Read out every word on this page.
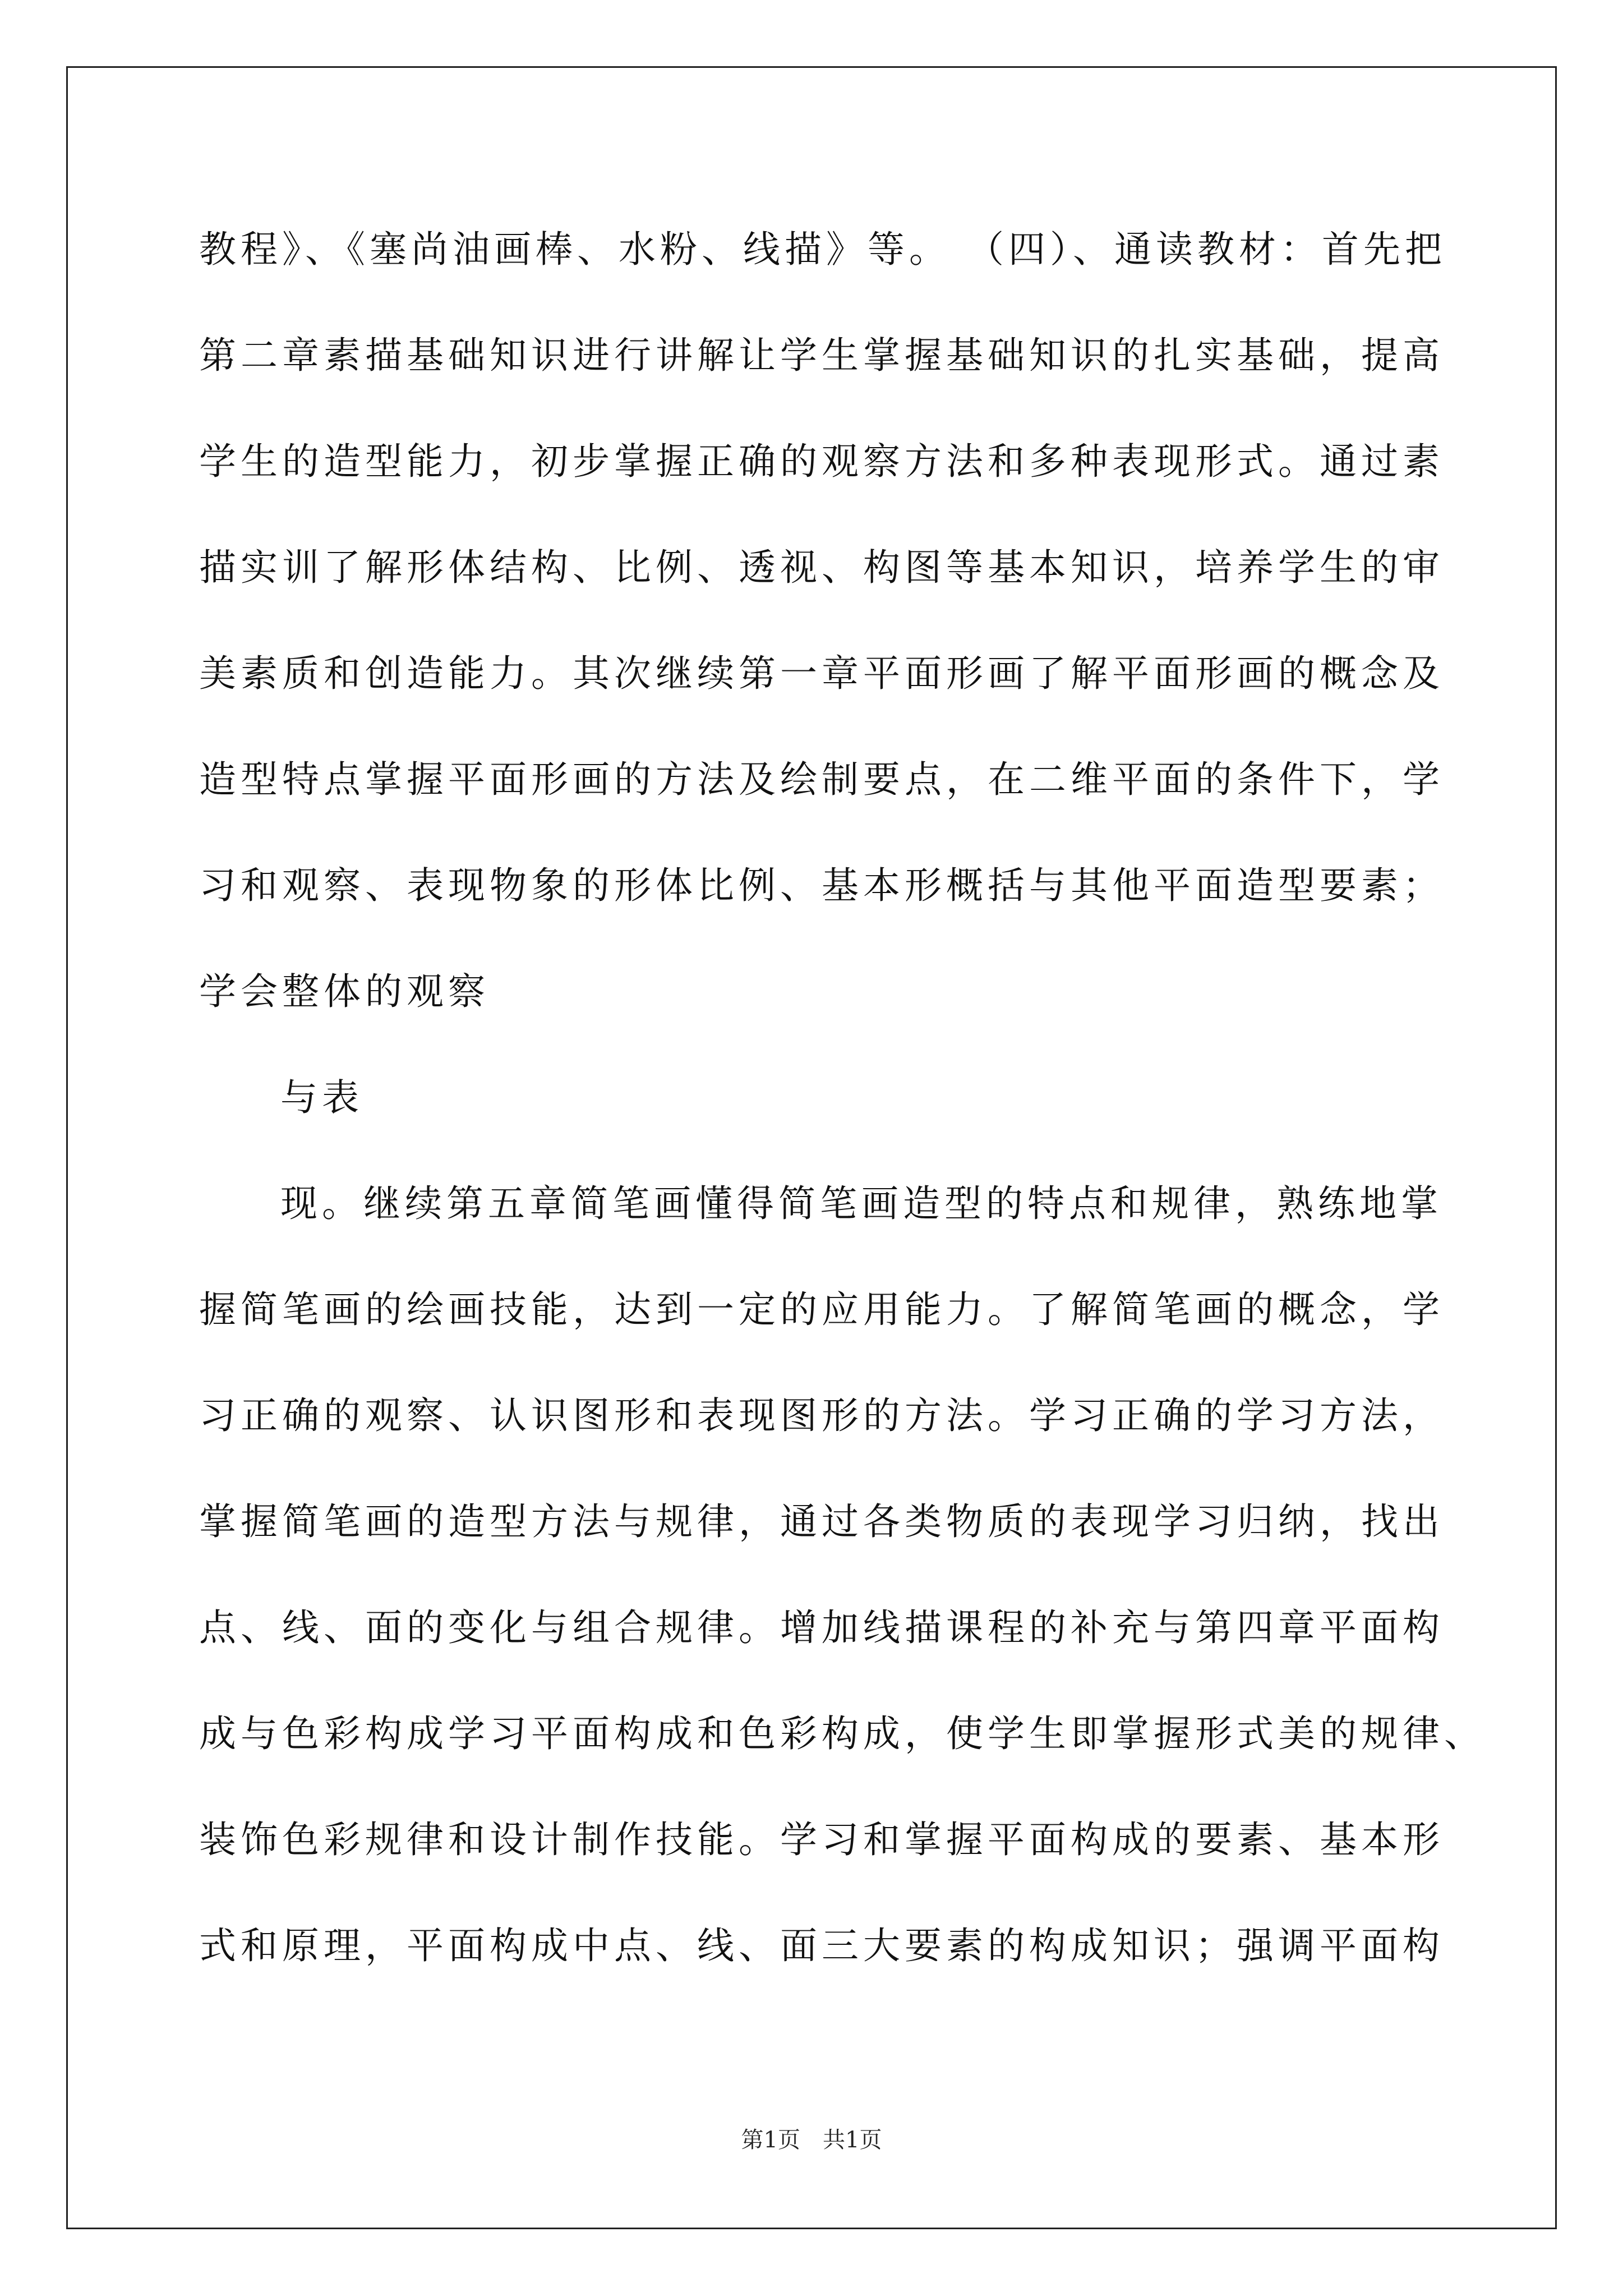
教程》、《塞尚油画棒、水粉、线描》等。 （四）、通读教材：首先把
第二章素描基础知识进行讲解让学生掌握基础知识的扎实基础，提高
学生的造型能力，初步掌握正确的观察方法和多种表现形式。通过素
描实训了解形体结构、比例、透视、构图等基本知识，培养学生的审
美素质和创造能力。其次继续第一章平面形画了解平面形画的概念及
造型特点掌握平面形画的方法及绘制要点，在二维平面的条件下，学
习和观察、表现物象的形体比例、基本形概括与其他平面造型要素；
学会整体的观察
与表
现。继续第五章简笔画懂得简笔画造型的特点和规律，熟练地掌
握简笔画的绘画技能，达到一定的应用能力。了解简笔画的概念，学
习正确的观察、认识图形和表现图形的方法。学习正确的学习方法，
掌握简笔画的造型方法与规律，通过各类物质的表现学习归纳，找出
点、线、面的变化与组合规律。增加线描课程的补充与第四章平面构
成与色彩构成学习平面构成和色彩构成，使学生即掌握形式美的规律、
装饰色彩规律和设计制作技能。学习和掌握平面构成的要素、基本形
式和原理，平面构成中点、线、面三大要素的构成知识；强调平面构
第1页　共1页
